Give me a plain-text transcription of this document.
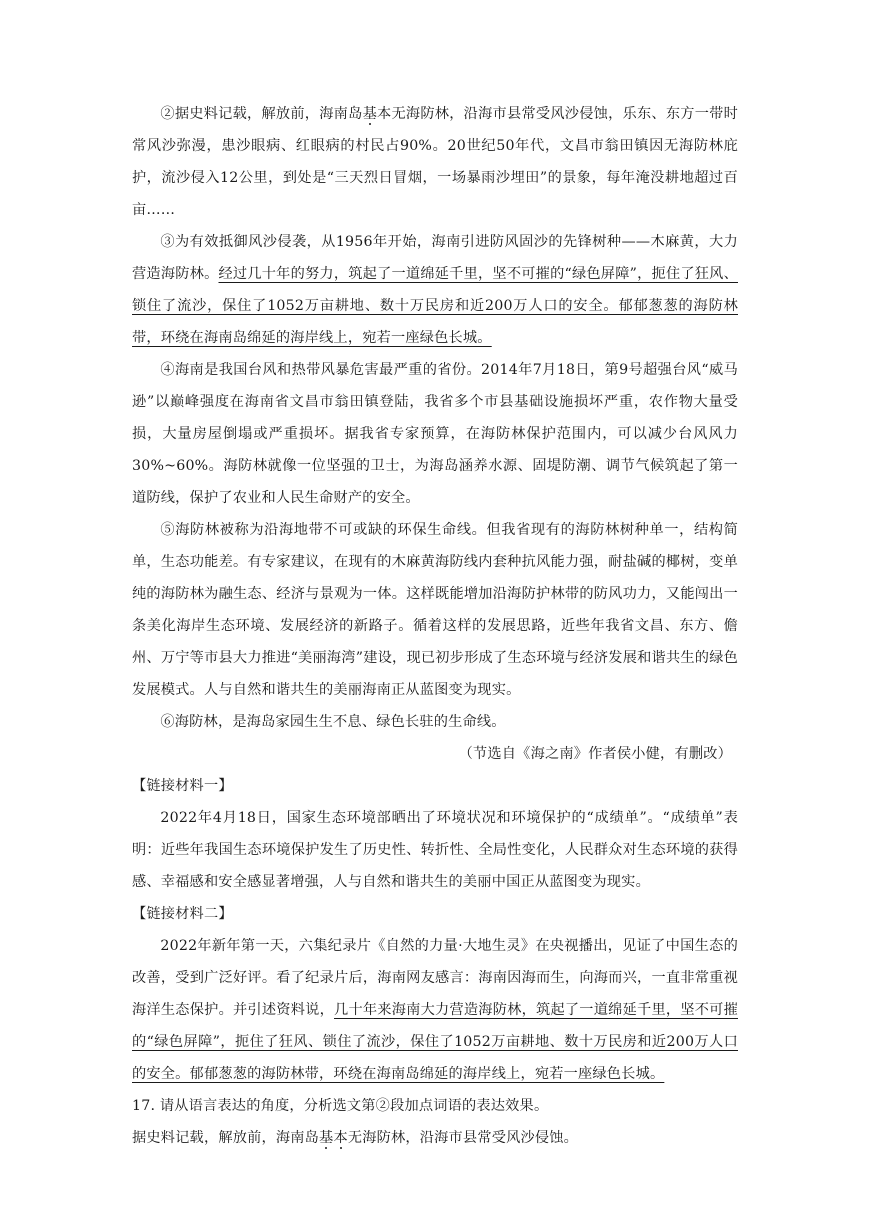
②据史料记载，解放前，海南岛基本无海防林，沿海市县常受风沙侵蚀，乐东、东方一带时常风沙弥漫，患沙眼病、红眼病的村民占90%。20世纪50年代，文昌市翁田镇因无海防林庇护，流沙侵入12公里，到处是“三天烈日冒烟，一场暴雨沙埋田”的景象，每年淹没耕地超过百亩……

③为有效抵御风沙侵袭，从1956年开始，海南引进防风固沙的先锋树种——木麻黄，大力营造海防林。经过几十年的努力，筑起了一道绵延千里，坚不可摧的“绿色屏障”，扼住了狂风、锁住了流沙，保住了1052万亩耕地、数十万民房和近200万人口的安全。郁郁葱葱的海防林带，环绕在海南岛绵延的海岸线上，宛若一座绿色长城。

④海南是我国台风和热带风暴危害最严重的省份。2014年7月18日，第9号超强台风“威马逊”以巅峰强度在海南省文昌市翁田镇登陆，我省多个市县基础设施损坏严重，农作物大量受损，大量房屋倒塌或严重损坏。据我省专家预算，在海防林保护范围内，可以减少台风风力30%~60%。海防林就像一位坚强的卫士，为海岛涵养水源、固堤防潮、调节气候筑起了第一道防线，保护了农业和人民生命财产的安全。

⑤海防林被称为沿海地带不可或缺的环保生命线。但我省现有的海防林树种单一，结构简单，生态功能差。有专家建议，在现有的木麻黄海防线内套种抗风能力强，耐盐碱的椰树，变单纯的海防林为融生态、经济与景观为一体。这样既能增加沿海防护林带的防风功力，又能闯出一条美化海岸生态环境、发展经济的新路子。循着这样的发展思路，近些年我省文昌、东方、儋州、万宁等市县大力推进“美丽海湾”建设，现已初步形成了生态环境与经济发展和谐共生的绿色发展模式。人与自然和谐共生的美丽海南正从蓝图变为现实。

⑥海防林，是海岛家园生生不息、绿色长驻的生命线。

（节选自《海之南》作者侯小健，有删改）

【链接材料一】

2022年4月18日，国家生态环境部晒出了环境状况和环境保护的“成绩单”。“成绩单”表明：近些年我国生态环境保护发生了历史性、转折性、全局性变化，人民群众对生态环境的获得感、幸福感和安全感显著增强，人与自然和谐共生的美丽中国正从蓝图变为现实。

【链接材料二】

2022年新年第一天，六集纪录片《自然的力量·大地生灵》在央视播出，见证了中国生态的改善，受到广泛好评。看了纪录片后，海南网友感言：海南因海而生，向海而兴，一直非常重视海洋生态保护。并引述资料说，几十年来海南大力营造海防林，筑起了一道绵延千里，坚不可摧的“绿色屏障”，扼住了狂风、锁住了流沙，保住了1052万亩耕地、数十万民房和近200万人口的安全。郁郁葱葱的海防林带，环绕在海南岛绵延的海岸线上，宛若一座绿色长城。

17. 请从语言表达的角度，分析选文第②段加点词语的表达效果。

据史料记载，解放前，海南岛基本无海防林，沿海市县常受风沙侵蚀。
